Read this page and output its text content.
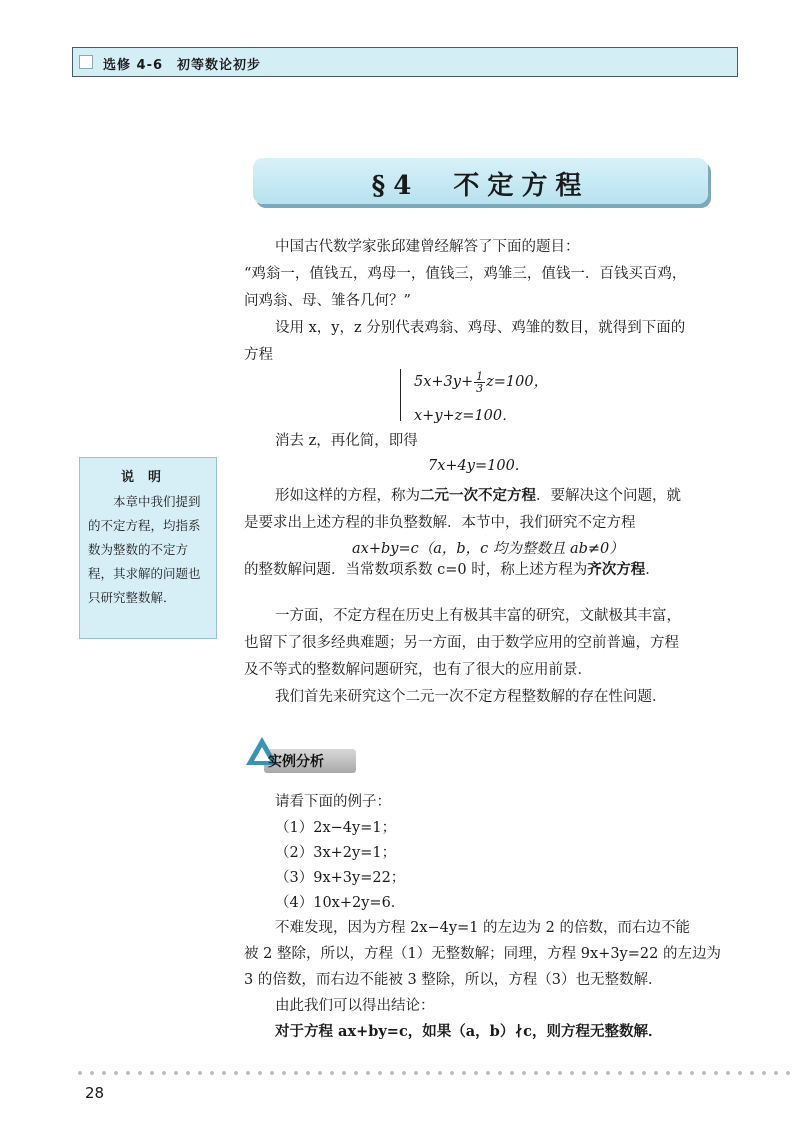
选修 4-6　初等数论初步
§4　不定方程
中国古代数学家张邱建曾经解答了下面的题目：
“鸡翁一，值钱五，鸡母一，值钱三，鸡雏三，值钱一．百钱买百鸡，
问鸡翁、母、雏各几何？”
设用 x，y，z 分别代表鸡翁、鸡母、鸡雏的数目，就得到下面的
方程
$5x+3y+ \frac{1}{3} z=100$，
x+y+z=100．
消去 z，再化简，即得
7x+4y=100.
形如这样的方程，称为二元一次不定方程．要解决这个问题，就
是要求出上述方程的非负整数解．本节中，我们研究不定方程
ax+by=c（a，b，c 均为整数且 ab≠0）
的整数解问题．当常数项系数 c=0 时，称上述方程为齐次方程．
说明
本章中我们提到的不定方程，均指系数为整数的不定方程，其求解的问题也只研究整数解．
一方面，不定方程在历史上有极其丰富的研究，文献极其丰富，
也留下了很多经典难题；另一方面，由于数学应用的空前普遍，方程
及不等式的整数解问题研究，也有了很大的应用前景．
我们首先来研究这个二元一次不定方程整数解的存在性问题．
实例分析
请看下面的例子：
（1）2x−4y=1；
（2）3x+2y=1；
（3）9x+3y=22；
（4）10x+2y=6．
不难发现，因为方程 2x−4y=1 的左边为 2 的倍数，而右边不能
被 2 整除，所以，方程（1）无整数解；同理，方程 9x+3y=22 的左边为
3 的倍数，而右边不能被 3 整除，所以，方程（3）也无整数解．
由此我们可以得出结论：
对于方程 ax+by=c，如果（a，b）∤c，则方程无整数解．
28
